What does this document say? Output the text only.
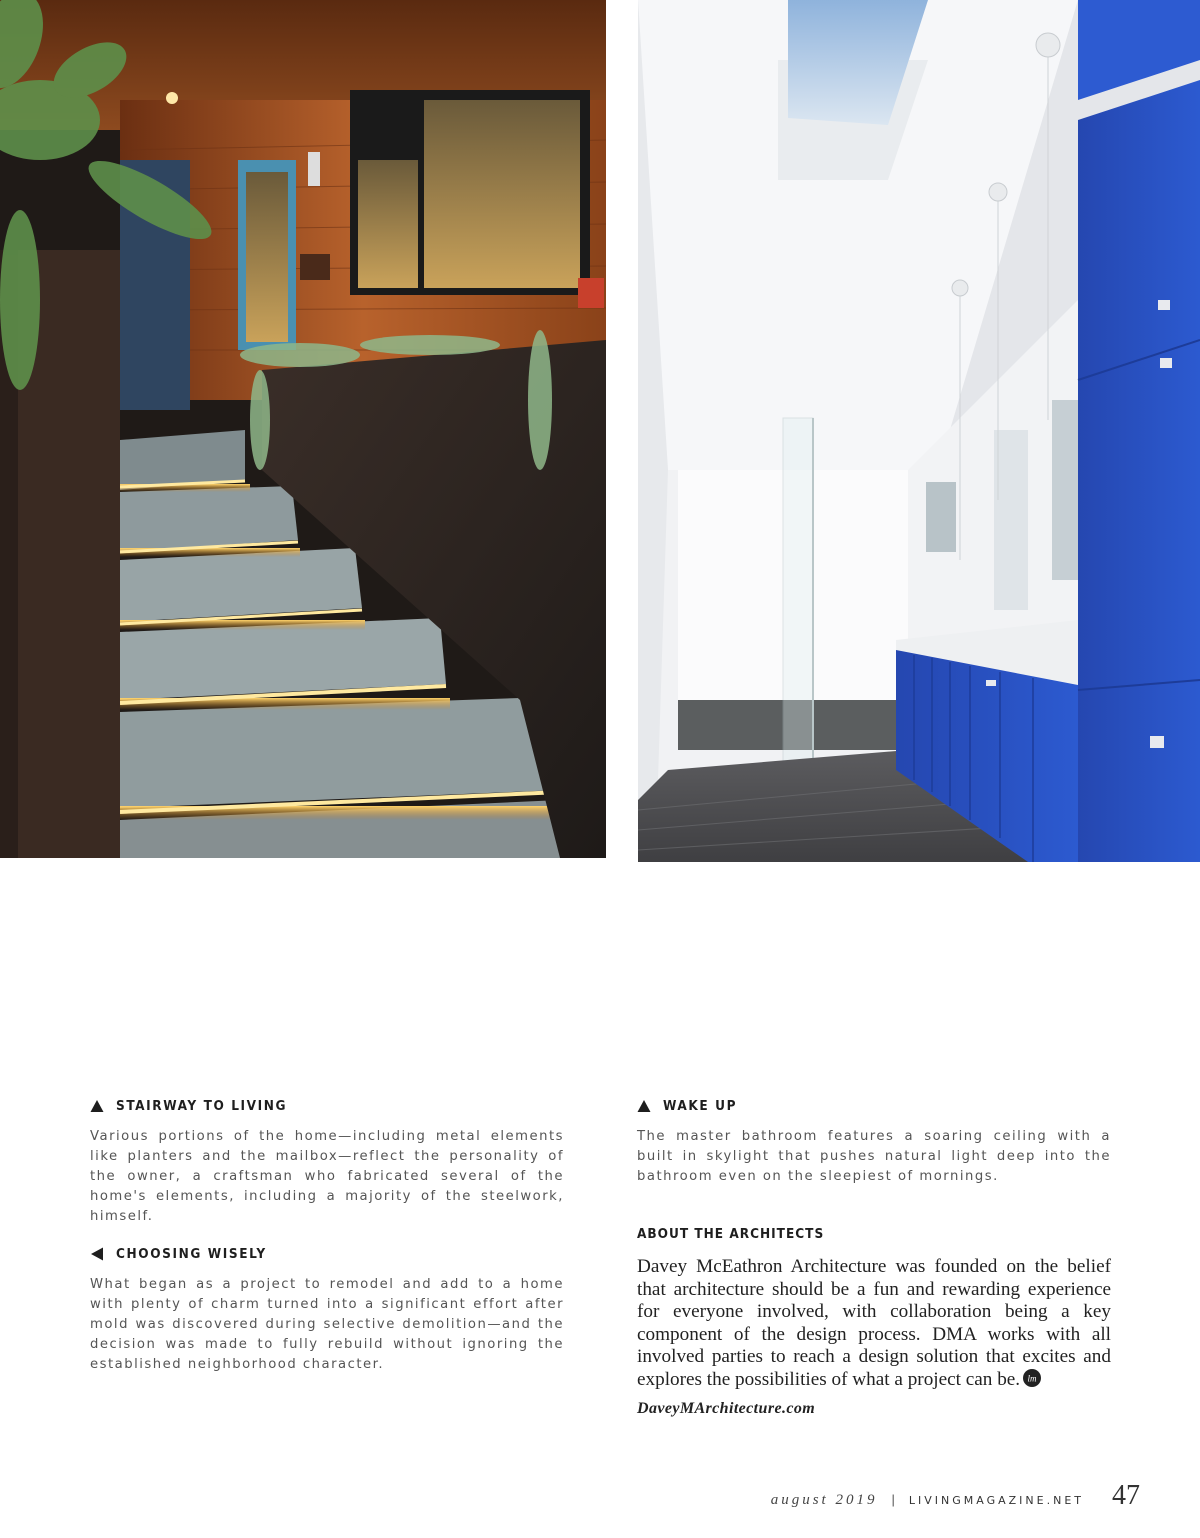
STAIRWAY TO LIVING

Various portions of the home—including metal elements like planters and the mailbox—reflect the personality of the owner, a craftsman who fabricated several of the home's elements, including a majority of the steelwork, himself.

CHOOSING WISELY

What began as a project to remodel and add to a home with plenty of charm turned into a significant effort after mold was discovered during selective demolition—and the decision was made to fully rebuild without ignoring the established neighborhood character.

WAKE UP

The master bathroom features a soaring ceiling with a built in skylight that pushes natural light deep into the bathroom even on the sleepiest of mornings.

ABOUT THE ARCHITECTS

Davey McEathron Architecture was founded on the belief that architecture should be a fun and rewarding experience for everyone involved, with collaboration being a key component of the design process. DMA works with all involved parties to reach a design solution that excites and explores the possibilities of what a project can be. lm

DaveyMArchitecture.com
august 2019 | LIVINGMAGAZINE.NET 47
